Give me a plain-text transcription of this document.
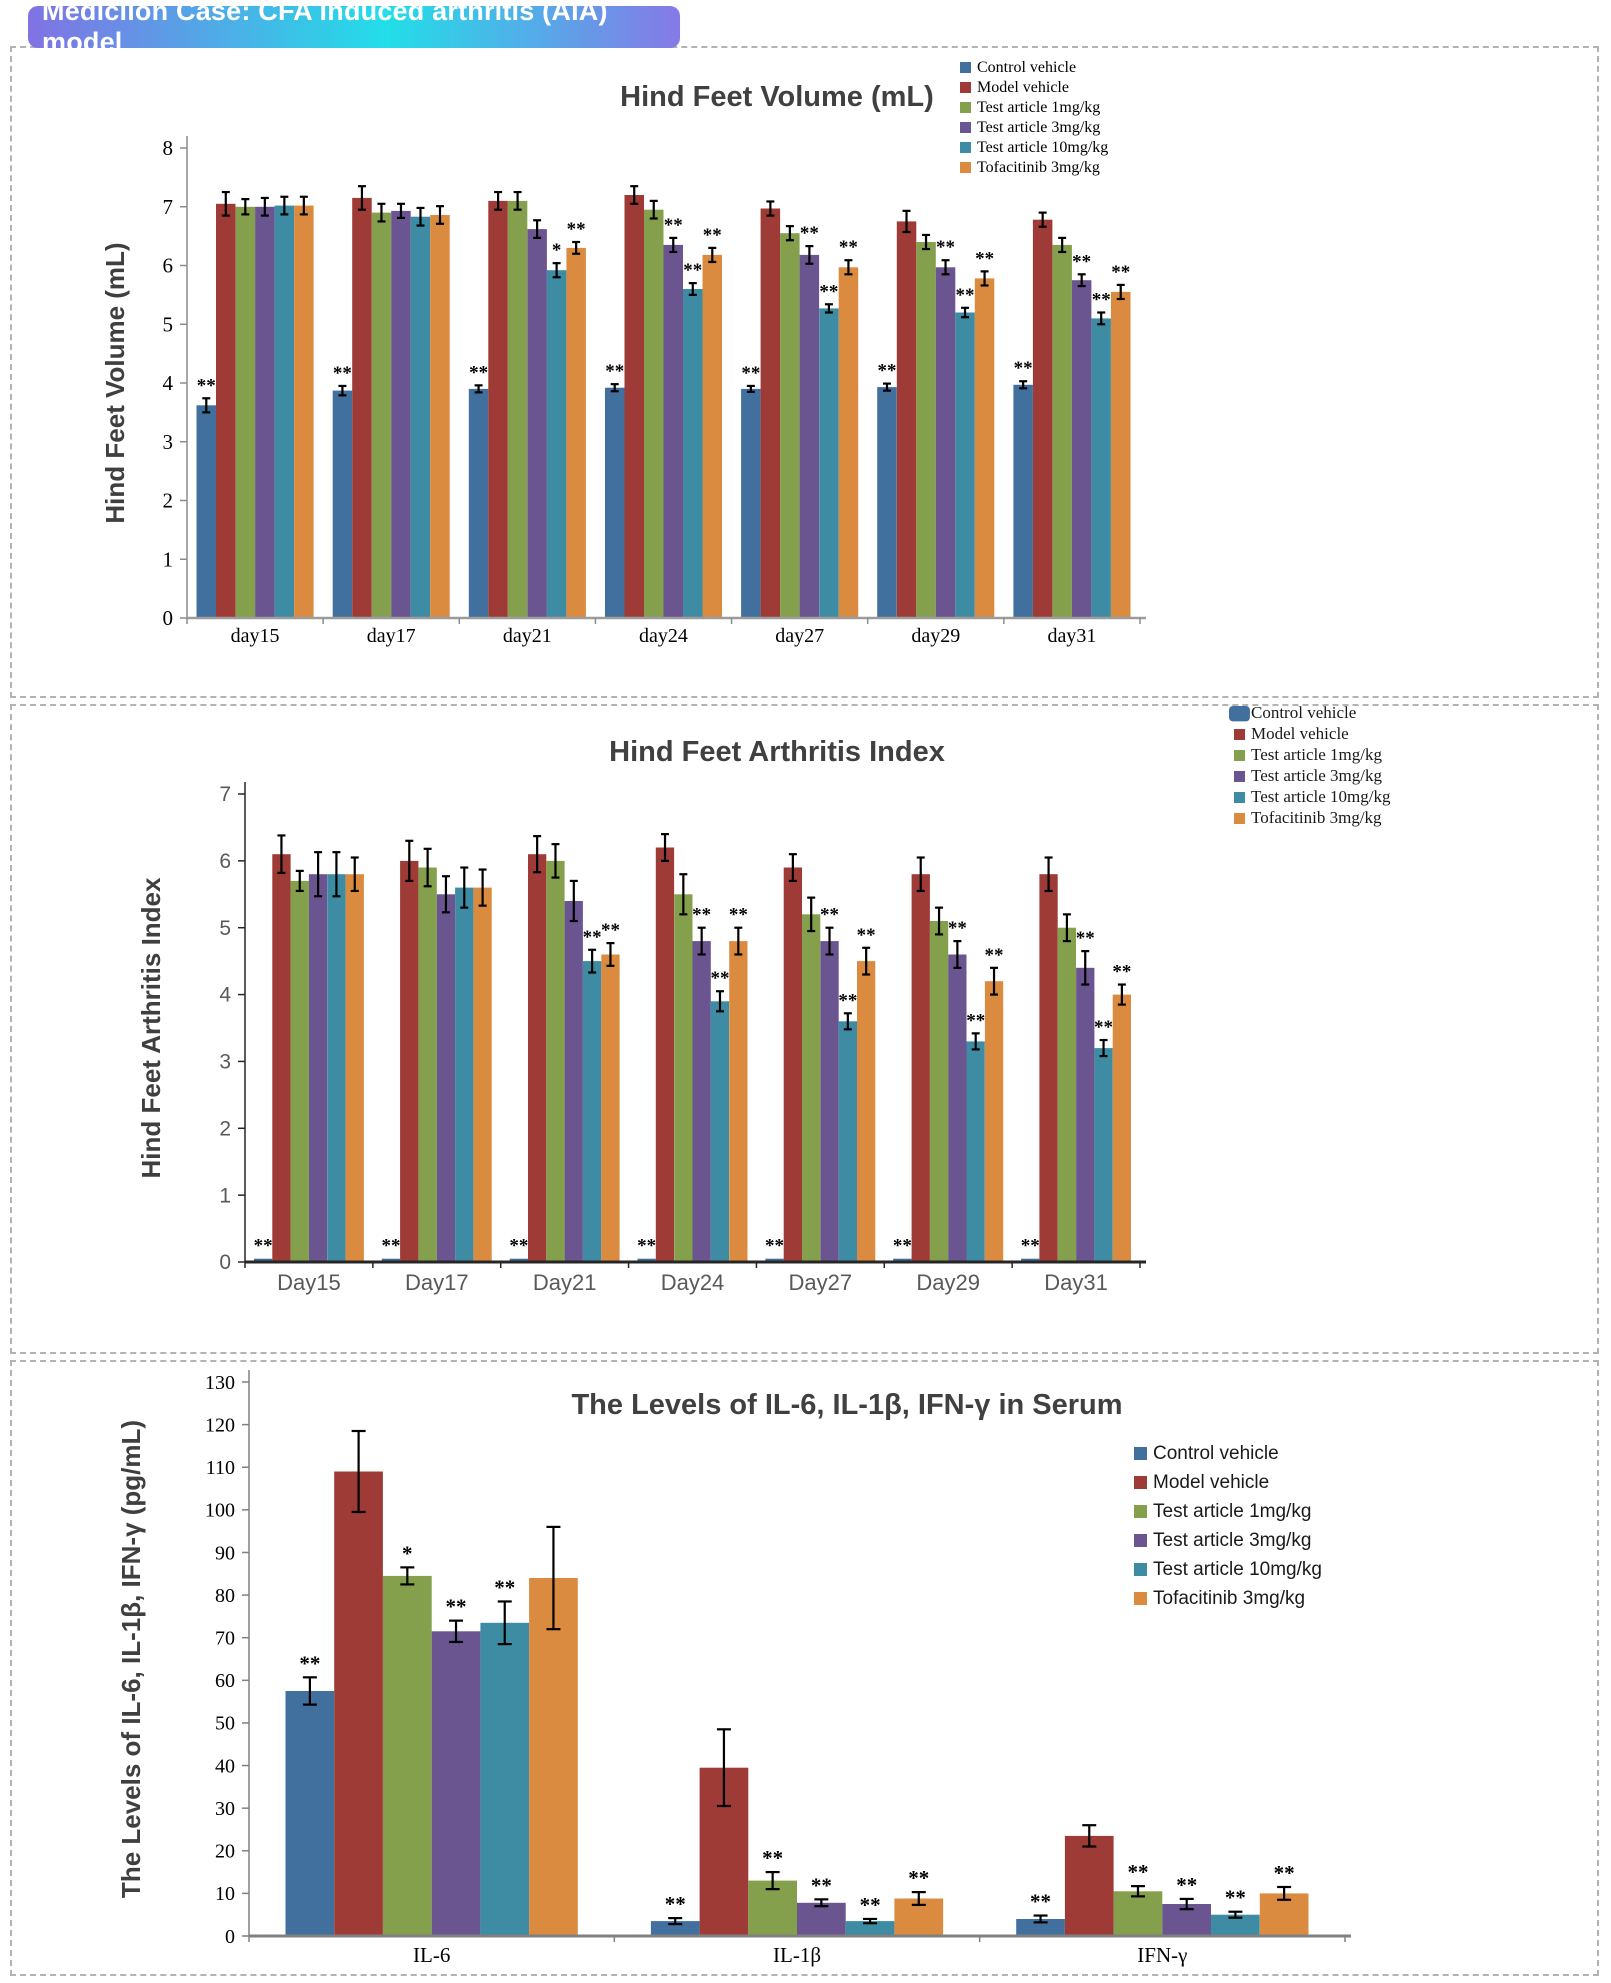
Medicilon Case: CFA induced arthritis (AIA) model
Hind Feet Volume (mL)
Hind Feet Volume (mL)	**
**	**	**	**	**	**
**	**
**
**
*
**
**	**	**
**	**
**
**
**
0
1
2
3
4
5
6
7
8
day15	day17	day21	day24	day27	day29	day31
Control vehicle
Model vehicle
Test article 1mg/kg
Test article 3mg/kg
Test article 10mg/kg
Tofacitinib 3mg/kg
Hind Feet Arthritis Index
Hind Feet Arthritis Index
**	**	**	**	**	**	**
**	**
**	**
**
**
**
**	**
**
**
**
**
**
0
1
2
3
4
5
6
7
Day15	Day17	Day21	Day24	Day27	Day29	Day31
Control vehicle
Model vehicle
Test article 1mg/kg
Test article 3mg/kg
Test article 10mg/kg
Tofacitinib 3mg/kg
The Levels of IL-6, IL-1β, IFN-γ in Serum
The Levels of IL-6, IL-1β, IFN-γ (pg/mL)	**
**	**
*
**
**
**
**	**
**
**	**
**	**
0
10
20
30
40
50
60
70
80
90
100
110
120
130
IL-6	IL-1β	IFN-γ
Control vehicle
Model vehicle
Test article 1mg/kg
Test article 3mg/kg
Test article 10mg/kg
Tofacitinib 3mg/kg
